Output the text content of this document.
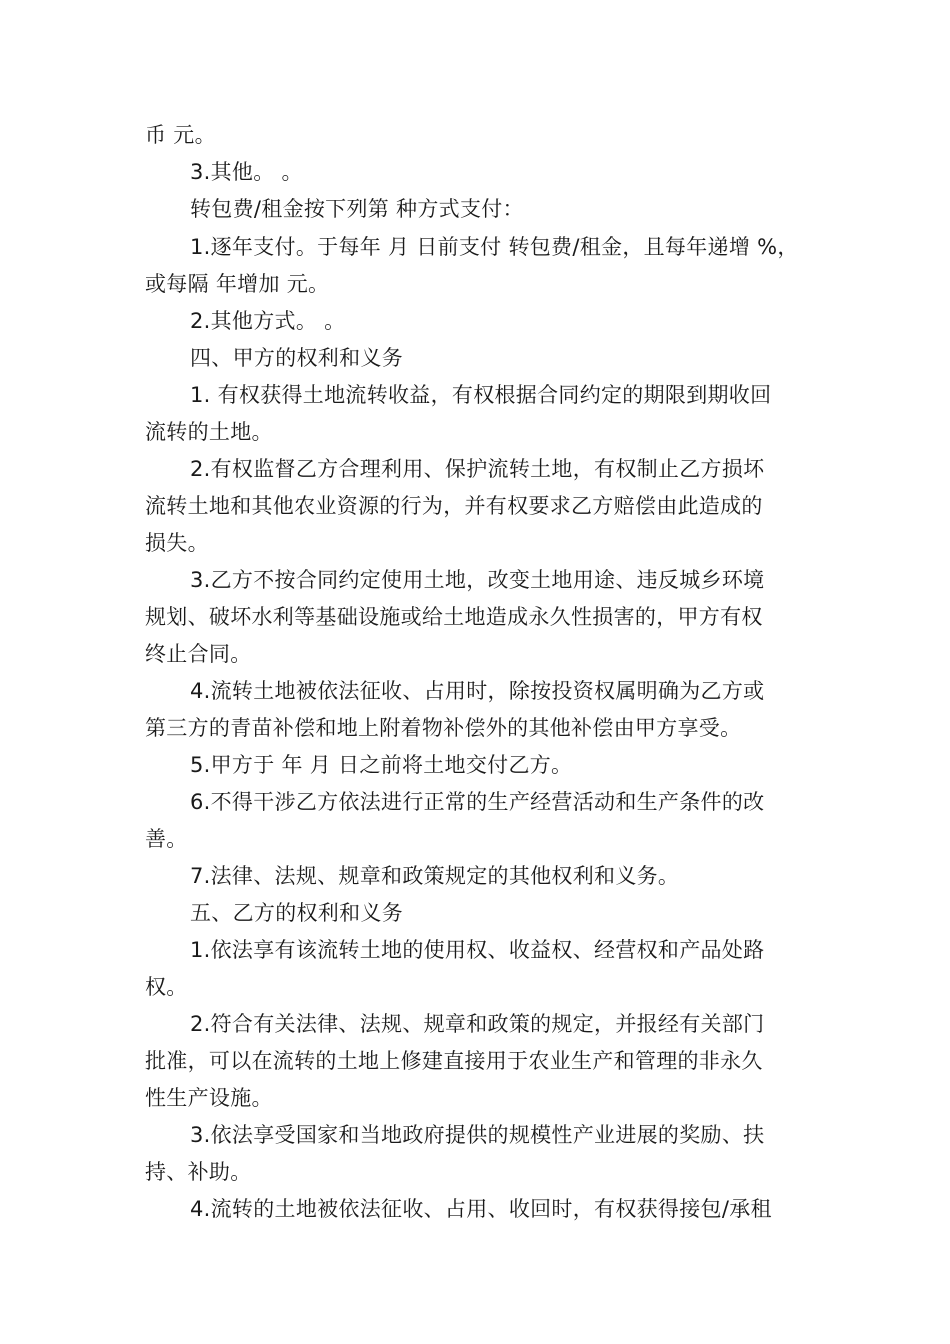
币 元。
3.其他。 。
转包费/租金按下列第 种方式支付：
1.逐年支付。于每年 月 日前支付 转包费/租金，且每年递增 %，
或每隔 年增加 元。
2.其他方式。 。
四、甲方的权利和义务
1. 有权获得土地流转收益，有权根据合同约定的期限到期收回
流转的土地。
2.有权监督乙方合理利用、保护流转土地，有权制止乙方损坏
流转土地和其他农业资源的行为，并有权要求乙方赔偿由此造成的
损失。
3.乙方不按合同约定使用土地，改变土地用途、违反城乡环境
规划、破坏水利等基础设施或给土地造成永久性损害的，甲方有权
终止合同。
4.流转土地被依法征收、占用时，除按投资权属明确为乙方或
第三方的青苗补偿和地上附着物补偿外的其他补偿由甲方享受。
5.甲方于 年 月 日之前将土地交付乙方。
6.不得干涉乙方依法进行正常的生产经营活动和生产条件的改
善。
7.法律、法规、规章和政策规定的其他权利和义务。
五、乙方的权利和义务
1.依法享有该流转土地的使用权、收益权、经营权和产品处路
权。
2.符合有关法律、法规、规章和政策的规定，并报经有关部门
批准，可以在流转的土地上修建直接用于农业生产和管理的非永久
性生产设施。
3.依法享受国家和当地政府提供的规模性产业进展的奖励、扶
持、补助。
4.流转的土地被依法征收、占用、收回时，有权获得接包/承租
